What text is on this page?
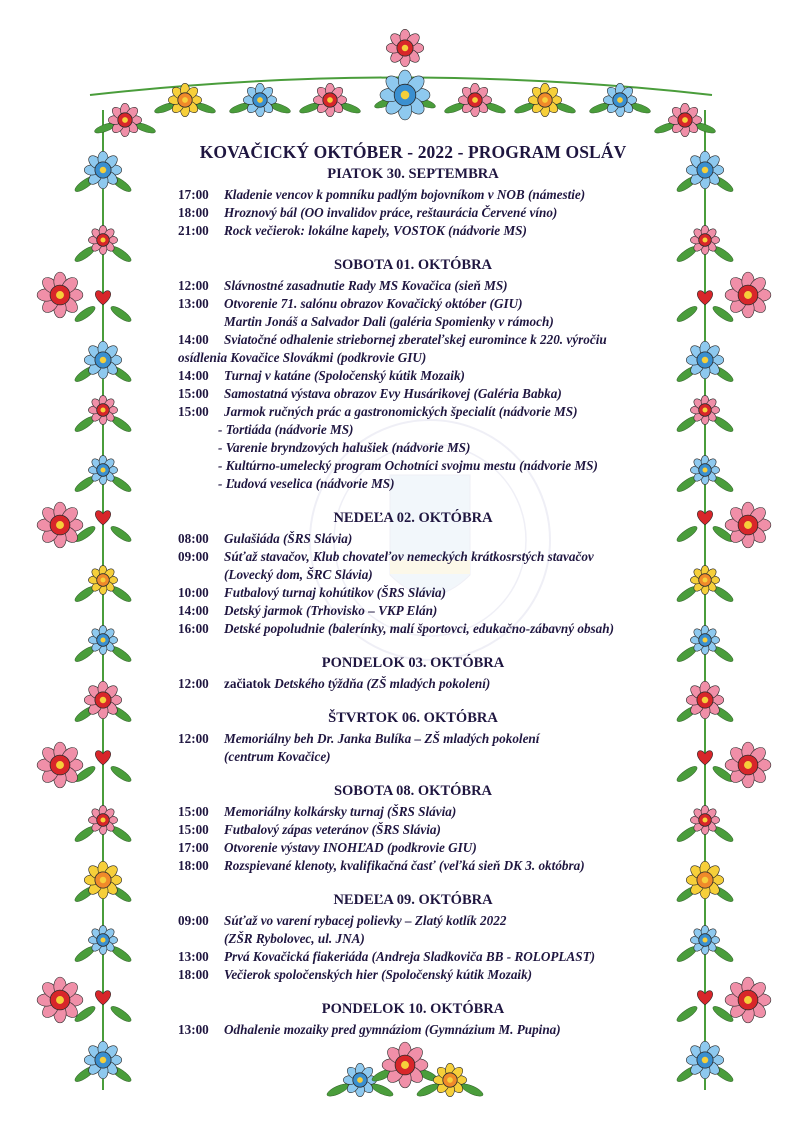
KOVAČICKÝ OKTÓBER - 2022 - PROGRAM OSLÁV
PIATOK 30. SEPTEMBRA
17:00 Kladenie vencov k pomníku padlým bojovníkom v NOB (námestie)
18:00 Hroznový bál (OO invalidov práce, reštaurácia Červené víno)
21:00 Rock večierok: lokálne kapely, VOSTOK (nádvorie MS)
SOBOTA 01. OKTÓBRA
12:00 Slávnostné zasadnutie Rady MS Kovačica (sieň MS)
13:00 Otvorenie 71. salónu obrazov Kovačický október (GIU)
Martin Jonáš a Salvador Dali (galéria Spomienky v rámoch)
14:00 Sviatočné odhalenie striebornej zberateľskej euromince k 220. výročiu
osídlenia Kovačice Slovákmi (podkrovie GIU)
14:00 Turnaj v katáne (Spoločenský kútik Mozaik)
15:00 Samostatná výstava obrazov Evy Husárikovej (Galéria Babka)
15:00 Jarmok ručných prác a gastronomických špecialít (nádvorie MS)
- Tortiáda (nádvorie MS)
- Varenie bryndzových halušiek (nádvorie MS)
- Kultúrno-umelecký program Ochotníci svojmu mestu (nádvorie MS)
- Ľudová veselica (nádvorie MS)
NEDEĽA 02. OKTÓBRA
08:00 Gulašiáda (ŠRS Slávia)
09:00 Súťaž stavačov, Klub chovateľov nemeckých krátkosrstých stavačov
(Lovecký dom, ŠRC Slávia)
10:00 Futbalový turnaj kohútikov (ŠRS Slávia)
14:00 Detský jarmok (Trhovisko – VKP Elán)
16:00 Detské popoludnie (balerínky, malí športovci, edukačno-zábavný obsah)
PONDELOK 03. OKTÓBRA
12:00 začiatok Detského týždňa (ZŠ mladých pokolení)
ŠTVRTOK 06. OKTÓBRA
12:00 Memoriálny beh Dr. Janka Bulíka – ZŠ mladých pokolení
(centrum Kovačice)
SOBOTA 08. OKTÓBRA
15:00 Memoriálny kolkársky turnaj (ŠRS Slávia)
15:00 Futbalový zápas veteránov (ŠRS Slávia)
17:00 Otvorenie výstavy INOHĽAD (podkrovie GIU)
18:00 Rozspievané klenoty, kvalifikačná časť (veľká sieň DK 3. októbra)
NEDEĽA 09. OKTÓBRA
09:00 Súťaž vo varení rybacej polievky – Zlatý kotlík 2022
(ZŠR Rybolovec, ul. JNA)
13:00 Prvá Kovačická fiakeriáda (Andreja Sladkoviča BB - ROLOPLAST)
18:00 Večierok spoločenských hier (Spoločenský kútik Mozaik)
PONDELOK 10. OKTÓBRA
13:00 Odhalenie mozaiky pred gymnáziom (Gymnázium M. Pupina)
